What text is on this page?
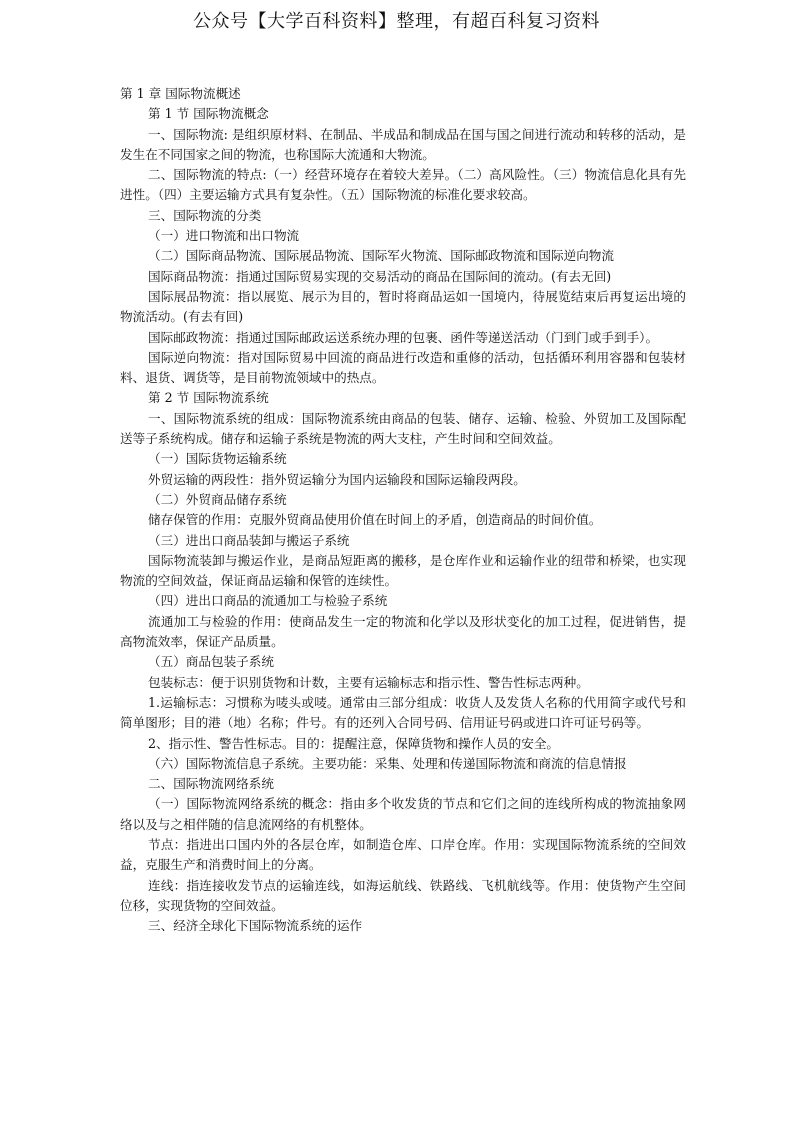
公众号【大学百科资料】整理，有超百科复习资料

第 1 章 国际物流概述

第 1 节 国际物流概念

一、国际物流: 是组织原材料、在制品、半成品和制成品在国与国之间进行流动和转移的活动，是发生在不同国家之间的物流，也称国际大流通和大物流。

二、国际物流的特点:（一）经营环境存在着较大差异。（二）高风险性。（三）物流信息化具有先进性。（四）主要运输方式具有复杂性。（五）国际物流的标准化要求较高。

三、国际物流的分类

（一）进口物流和出口物流

（二）国际商品物流、国际展品物流、国际军火物流、国际邮政物流和国际逆向物流

国际商品物流：指通过国际贸易实现的交易活动的商品在国际间的流动。(有去无回)

国际展品物流：指以展览、展示为目的，暂时将商品运如一国境内，待展览结束后再复运出境的物流活动。(有去有回)

国际邮政物流：指通过国际邮政运送系统办理的包裹、函件等递送活动（门到门或手到手）。

国际逆向物流：指对国际贸易中回流的商品进行改造和重修的活动，包括循环利用容器和包装材料、退货、调货等，是目前物流领域中的热点。

第 2 节 国际物流系统

一、国际物流系统的组成：国际物流系统由商品的包装、储存、运输、检验、外贸加工及国际配送等子系统构成。储存和运输子系统是物流的两大支柱，产生时间和空间效益。

（一）国际货物运输系统

外贸运输的两段性：指外贸运输分为国内运输段和国际运输段两段。

（二）外贸商品储存系统

储存保管的作用：克服外贸商品使用价值在时间上的矛盾，创造商品的时间价值。

（三）进出口商品装卸与搬运子系统

国际物流装卸与搬运作业，是商品短距离的搬移，是仓库作业和运输作业的纽带和桥梁，也实现物流的空间效益，保证商品运输和保管的连续性。

（四）进出口商品的流通加工与检验子系统

流通加工与检验的作用：使商品发生一定的物流和化学以及形状变化的加工过程，促进销售，提高物流效率，保证产品质量。

（五）商品包装子系统

包装标志：便于识别货物和计数，主要有运输标志和指示性、警告性标志两种。

1.运输标志：习惯称为唛头或唛。通常由三部分组成：收货人及发货人名称的代用简字或代号和简单图形；目的港（地）名称；件号。有的还列入合同号码、信用证号码或进口许可证号码等。

2、指示性、警告性标志。目的：提醒注意，保障货物和操作人员的安全。

（六）国际物流信息子系统。主要功能：采集、处理和传递国际物流和商流的信息情报

二、国际物流网络系统

（一）国际物流网络系统的概念：指由多个收发货的节点和它们之间的连线所构成的物流抽象网络以及与之相伴随的信息流网络的有机整体。

节点：指进出口国内外的各层仓库，如制造仓库、口岸仓库。作用：实现国际物流系统的空间效益，克服生产和消费时间上的分离。

连线：指连接收发节点的运输连线，如海运航线、铁路线、飞机航线等。作用：使货物产生空间位移，实现货物的空间效益。

三、经济全球化下国际物流系统的运作
